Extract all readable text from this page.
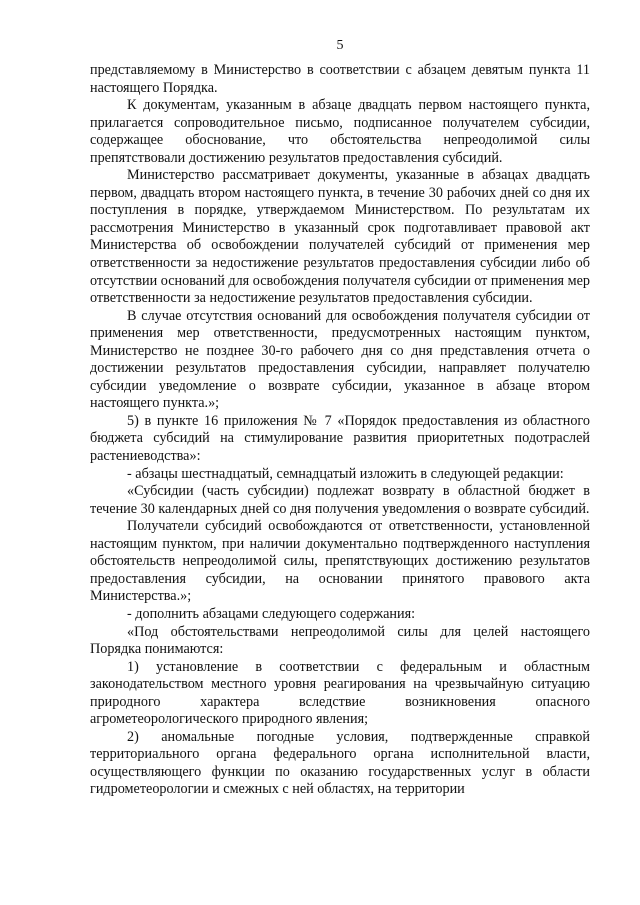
5

представляемому в Министерство в соответствии с абзацем девятым пункта 11 настоящего Порядка.

К документам, указанным в абзаце двадцать первом настоящего пункта, прилагается сопроводительное письмо, подписанное получателем субсидии, содержащее обоснование, что обстоятельства непреодолимой силы препятствовали достижению результатов предоставления субсидий.

Министерство рассматривает документы, указанные в абзацах двадцать первом, двадцать втором настоящего пункта, в течение 30 рабочих дней со дня их поступления в порядке, утверждаемом Министерством. По результатам их рассмотрения Министерство в указанный срок подготавливает правовой акт Министерства об освобождении получателей субсидий от применения мер ответственности за недостижение результатов предоставления субсидии либо об отсутствии оснований для освобождения получателя субсидии от применения мер ответственности за недостижение результатов предоставления субсидии.

В случае отсутствия оснований для освобождения получателя субсидии от применения мер ответственности, предусмотренных настоящим пунктом, Министерство не позднее 30-го рабочего дня со дня представления отчета о достижении результатов предоставления субсидии, направляет получателю субсидии уведомление о возврате субсидии, указанное в абзаце втором настоящего пункта.»;

5) в пункте 16 приложения № 7 «Порядок предоставления из областного бюджета субсидий на стимулирование развития приоритетных подотраслей растениеводства»:

- абзацы шестнадцатый, семнадцатый изложить в следующей редакции:

«Субсидии (часть субсидии) подлежат возврату в областной бюджет в течение 30 календарных дней со дня получения уведомления о возврате субсидий.

Получатели субсидий освобождаются от ответственности, установленной настоящим пунктом, при наличии документально подтвержденного наступления обстоятельств непреодолимой силы, препятствующих достижению результатов предоставления субсидии, на основании принятого правового акта Министерства.»;

- дополнить абзацами следующего содержания:

«Под обстоятельствами непреодолимой силы для целей настоящего Порядка понимаются:

1) установление в соответствии с федеральным и областным законодательством местного уровня реагирования на чрезвычайную ситуацию природного характера вследствие возникновения опасного агрометеорологического природного явления;

2) аномальные погодные условия, подтвержденные справкой территориального органа федерального органа исполнительной власти, осуществляющего функции по оказанию государственных услуг в области гидрометеорологии и смежных с ней областях, на территории
